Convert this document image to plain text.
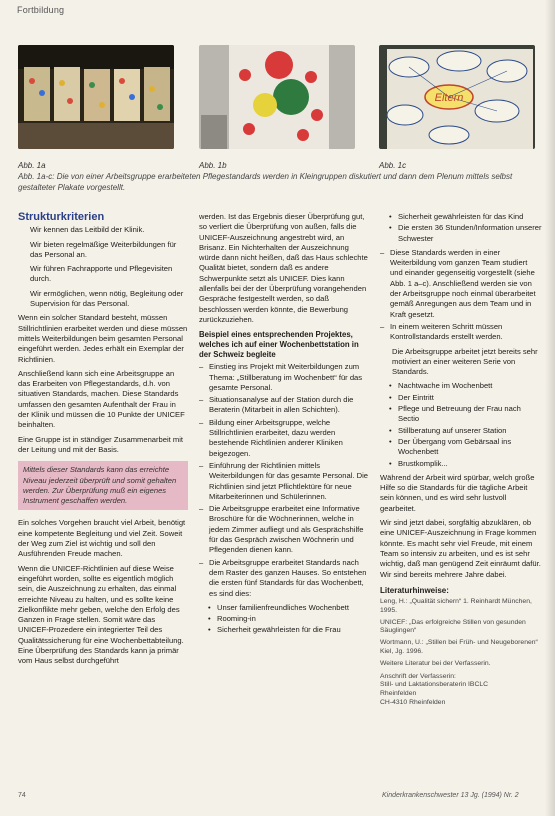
Fortbildung
Eltern
Abb. 1a	Abb. 1b	Abb. 1c
Abb. 1a-c: Die von einer Arbeitsgruppe erarbeiteten Pflegestandards werden in Kleingruppen diskutiert und dann dem Plenum mittels selbst gestalteter Plakate vorgestellt.
Strukturkriterien

Wir kennen das Leitbild der Klinik.

Wir bieten regelmäßige Weiterbildungen für das Personal an.

Wir führen Fachrapporte und Pflegevisiten durch.

Wir ermöglichen, wenn nötig, Begleitung oder Supervision für das Personal.

Wenn ein solcher Standard besteht, müssen Stillrichtlinien erarbeitet werden und diese müssen mittels Weiterbildungen beim gesamten Personal eingeführt werden. Jedes erhält ein Exemplar der Richtlinien.

Anschließend kann sich eine Arbeitsgruppe an das Erarbeiten von Pflegestandards, d.h. von situativen Standards, machen. Diese Standards umfassen den gesamten Aufenthalt der Frau in der Klinik und müssen die 10 Punkte der UNICEF beinhalten.

Eine Gruppe ist in ständiger Zusammenarbeit mit der Leitung und mit der Basis.

Mittels dieser Standards kann das erreichte Niveau jederzeit überprüft und somit gehalten werden. Zur Überprüfung muß ein eigenes Instrument geschaffen werden.

Ein solches Vorgehen braucht viel Arbeit, benötigt eine kompetente Begleitung und viel Zeit. Soweit der Weg zum Ziel ist wichtig und soll den Ausführenden Freude machen.

Wenn die UNICEF-Richtlinien auf diese Weise eingeführt worden, sollte es eigentlich möglich sein, die Auszeichnung zu erhalten, das einmal erreichte Niveau zu halten, und es sollte keine Zielkonflikte mehr geben, welche den Erfolg des Ganzen in Frage stellen. Somit wäre das UNICEF-Prozedere ein integrierter Teil des Qualitätssicherung für eine Wochenbettabteilung. Eine Überprüfung des Standards kann ja primär vom Haus selbst durchgeführt

werden. Ist das Ergebnis dieser Überprüfung gut, so verliert die Überprüfung von außen, falls die UNICEF-Auszeichnung angestrebt wird, an Brisanz. Ein Nichterhalten der Auszeichnung würde dann nicht heißen, daß das Haus schlechte Qualität bietet, sondern daß es andere Schwerpunkte setzt als UNICEF. Dies kann allenfalls bei der der Überprüfung vorangehenden Gespräche festgestellt werden, so daß beschlossen werden könnte, die Bewerbung zurückzuziehen.

Beispiel eines entsprechenden Projektes, welches ich auf einer Wochenbettstation in der Schweiz begleite
– Einstieg ins Projekt mit Weiterbildungen zum Thema: „Stillberatung im Wochenbett“ für das gesamte Personal.
– Situationsanalyse auf der Station durch die Beraterin (Mitarbeit in allen Schichten).
– Bildung einer Arbeitsgruppe, welche Stillrichtlinien erarbeitet, dazu werden bestehende Richtlinien anderer Kliniken beigezogen.
– Einführung der Richtlinien mittels Weiterbildungen für das gesamte Personal. Die Richtlinien sind jetzt Pflichtlektüre für neue Mitarbeiterinnen und Schülerinnen.
– Die Arbeitsgruppe erarbeitet eine Informative Broschüre für die Wöchnerinnen, welche in jedem Zimmer aufliegt und als Gesprächshilfe für das Gespräch zwischen Wöchnerin und Pflegenden dienen kann.
– Die Arbeitsgruppe erarbeitet Standards nach dem Raster des ganzen Hauses. So entstehen die ersten fünf Standards für das Wochenbett, es sind dies:
• Unser familienfreundliches Wochenbett
• Rooming-in
• Sicherheit gewährleisten für die Frau
• Sicherheit gewährleisten für das Kind
• Die ersten 36 Stunden/Information unserer Schwester
– Diese Standards werden in einer Weiterbildung vom ganzen Team studiert und einander gegenseitig vorgestellt (siehe Abb. 1 a–c). Anschließend werden sie von der Arbeitsgruppe noch einmal überarbeitet gemäß Anregungen aus dem Team und in Kraft gesetzt.
– In einem weiteren Schritt müssen Kontrollstandards erstellt werden.

Die Arbeitsgruppe arbeitet jetzt bereits sehr motiviert an einer weiteren Serie von Standards.

• Nachtwache im Wochenbett
• Der Eintritt
• Pflege und Betreuung der Frau nach Sectio
• Stillberatung auf unserer Station
• Der Übergang vom Gebärsaal ins Wochenbett
• Brustkomplik...

Während der Arbeit wird spürbar, welch große Hilfe so die Standards für die tägliche Arbeit sein können, und es wird sehr lustvoll gearbeitet.

Wir sind jetzt dabei, sorgfältig abzuklären, ob eine UNICEF-Auszeichnung in Frage kommen könnte. Es macht sehr viel Freude, mit einem Team so intensiv zu arbeiten, und es ist sehr wichtig, daß man genügend Zeit einräumt dafür. Wir sind bereits mehrere Jahre dabei.

Literaturhinweise:

Leng, H.: „Qualität sichern“ 1. Reinhardt München, 1995.

UNICEF: „Das erfolgreiche Stillen von gesunden Säuglingen“

Wortmann, U.: „Stillen bei Früh- und Neugeborenen“ Kiel, Jg. 1996.

Weitere Literatur bei der Verfasserin.

Anschrift der Verfasserin:
Still- und Laktationsberaterin IBCLC
Rheinfelden
CH-4310 Rheinfelden
74	Kinderkrankenschwester 13 Jg. (1994) Nr. 2
